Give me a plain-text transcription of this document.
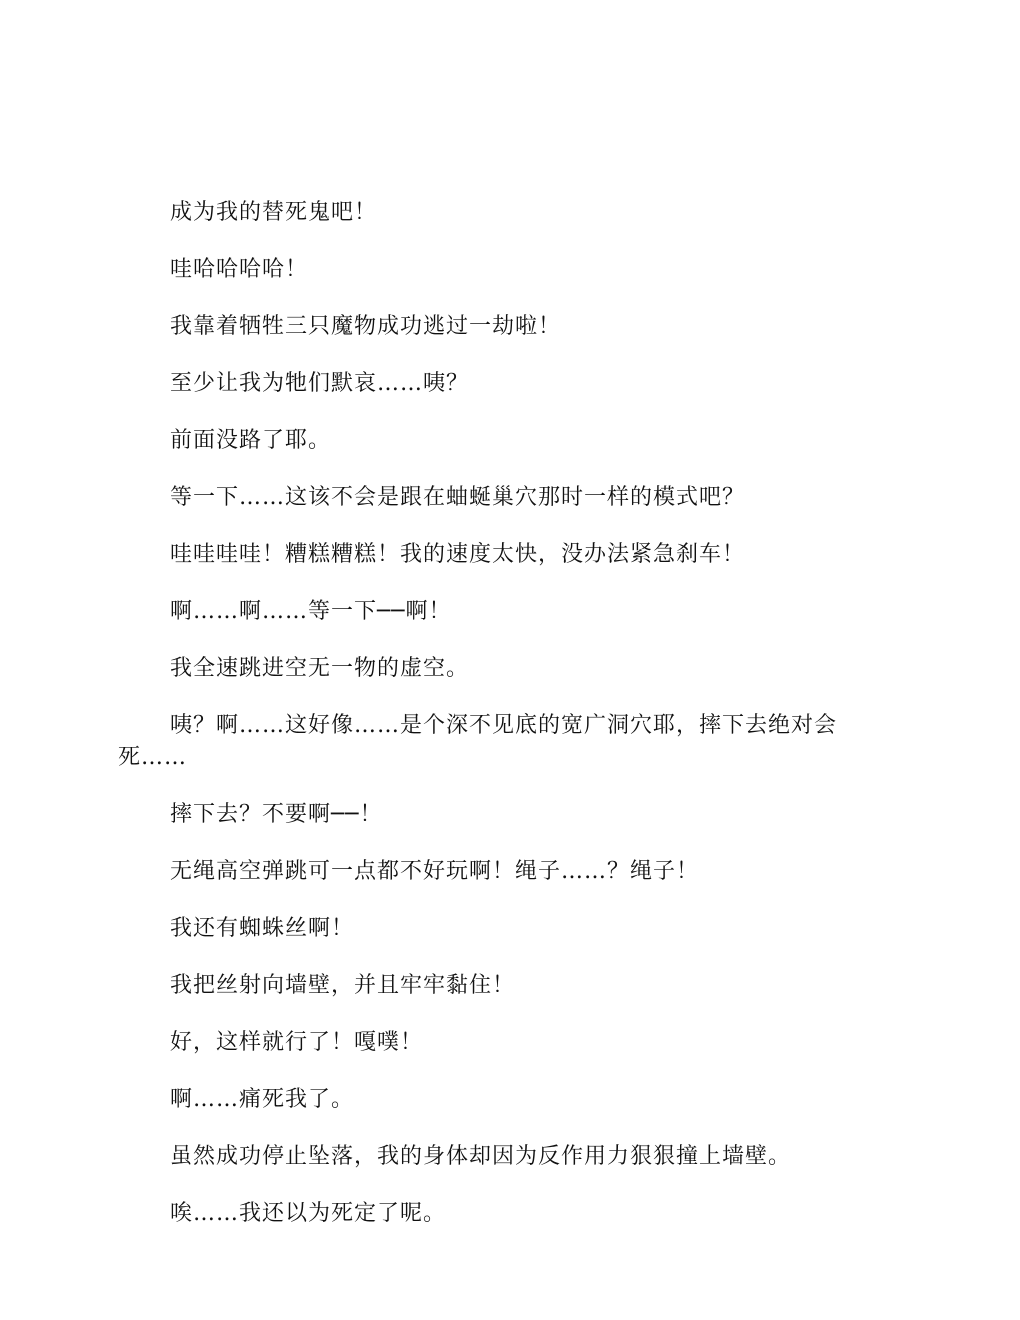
成为我的替死鬼吧！

哇哈哈哈哈！

我靠着牺牲三只魔物成功逃过一劫啦！

至少让我为牠们默哀……咦？

前面没路了耶。

等一下……这该不会是跟在蚰蜒巢穴那时一样的模式吧？

哇哇哇哇！糟糕糟糕！我的速度太快，没办法紧急刹车！

啊……啊……等一下──啊！

我全速跳进空无一物的虚空。

咦？啊……这好像……是个深不见底的宽广洞穴耶，摔下去绝对会死……

摔下去？不要啊──！

无绳高空弹跳可一点都不好玩啊！绳子……？绳子！

我还有蜘蛛丝啊！

我把丝射向墙壁，并且牢牢黏住！

好，这样就行了！嘎噗！

啊……痛死我了。

虽然成功停止坠落，我的身体却因为反作用力狠狠撞上墙壁。

唉……我还以为死定了呢。
